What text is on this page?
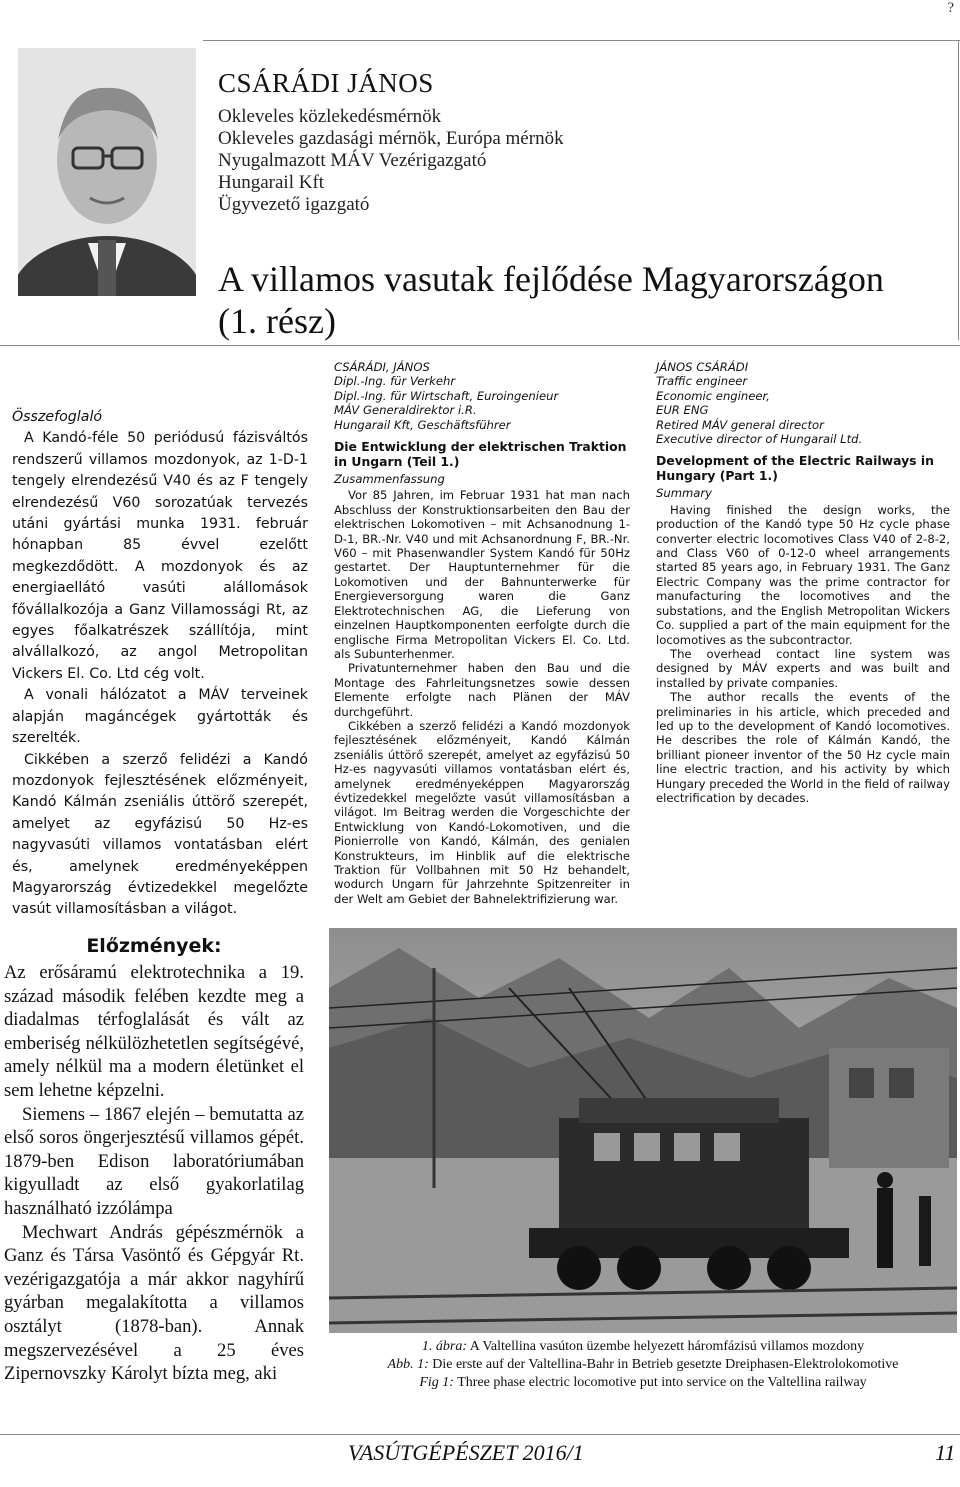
?
CSÁRÁDI JÁNOS
Okleveles közlekedésmérnök
Okleveles gazdasági mérnök, Európa mérnök
Nyugalmazott MÁV Vezérigazgató
Hungarail Kft
Ügyvezető igazgató
A villamos vasutak fejlődése Magyarországon
(1. rész)

Összefoglaló

A Kandó-féle 50 periódusú fázisváltós rendszerű villamos mozdonyok, az 1-D-1 tengely elrendezésű V40 és az F tengely elrendezésű V60 sorozatúak tervezés utáni gyártási munka 1931. február hónapban 85 évvel ezelőtt megkezdődött. A mozdonyok és az energiaellátó vasúti alállomások fővállalkozója a Ganz Villamossági Rt, az egyes főalkatrészek szállítója, mint alvállalkozó, az angol Metropolitan Vickers El. Co. Ltd cég volt.

A vonali hálózatot a MÁV terveinek alapján magáncégek gyártották és szerelték.

Cikkében a szerző felidézi a Kandó mozdonyok fejlesztésének előzményeit, Kandó Kálmán zseniális úttörő szerepét, amelyet az egyfázisú 50 Hz-es nagyvasúti villamos vontatásban elért és, amelynek eredményeképpen Magyarország évtizedekkel megelőzte vasút villamosításban a világot.

CSÁRÁDI, JÁNOS

Dipl.-Ing. für Verkehr

Dipl.-Ing. für Wirtschaft, Euroingenieur

MÁV Generaldirektor i.R.

Hungarail Kft, Geschäftsführer

Die Entwicklung der elektrischen Traktion in Ungarn (Teil 1.)

Zusammenfassung

Vor 85 Jahren, im Februar 1931 hat man nach Abschluss der Konstruktionsarbeiten den Bau der elektrischen Lokomotiven – mit Achsanodnung 1-D-1, BR.-Nr. V40 und mit Achsanordnung F, BR.-Nr. V60 – mit Phasenwandler System Kandó für 50Hz gestartet. Der Hauptunternehmer für die Lokomotiven und der Bahnunterwerke für Energieversorgung waren die Ganz Elektrotechnischen AG, die Lieferung von einzelnen Hauptkomponenten eerfolgte durch die englische Firma Metropolitan Vickers El. Co. Ltd. als Subunterhenmer.

Privatunternehmer haben den Bau und die Montage des Fahrleitungsnetzes sowie dessen Elemente erfolgte nach Plänen der MÁV durchgeführt.

Cikkében a szerző felidézi a Kandó mozdonyok fejlesztésének előzményeit, Kandó Kálmán zseniális úttörő szerepét, amelyet az egyfázisú 50 Hz-es nagyvasúti villamos vontatásban elért és, amelynek eredményeképpen Magyarország évtizedekkel megelőzte vasút villamosításban a világot. Im Beitrag werden die Vorgeschichte der Entwicklung von Kandó-Lokomotiven, und die Pionierrolle von Kandó, Kálmán, des genialen Konstrukteurs, im Hinblik auf die elektrische Traktion für Vollbahnen mit 50 Hz behandelt, wodurch Ungarn für Jahrzehnte Spitzenreiter in der Welt am Gebiet der Bahnelektrifizierung war.

JÁNOS CSÁRÁDI

Traffic engineer

Economic engineer,

EUR ENG

Retired MÁV general director

Executive director of Hungarail Ltd.

Development of the Electric Railways in Hungary (Part 1.)

Summary

Having finished the design works, the production of the Kandó type 50 Hz cycle phase converter electric locomotives Class V40 of 2-8-2, and Class V60 of 0-12-0 wheel arrangements started 85 years ago, in February 1931. The Ganz Electric Company was the prime contractor for manufacturing the locomotives and the substations, and the English Metropolitan Wickers Co. supplied a part of the main equipment for the locomotives as the subcontractor.

The overhead contact line system was designed by MÁV experts and was built and installed by private companies.

The author recalls the events of the preliminaries in his article, which preceded and led up to the development of Kandó locomotives. He describes the role of Kálmán Kandó, the brilliant pioneer inventor of the 50 Hz cycle main line electric traction, and his activity by which Hungary preceded the World in the field of railway electrification by decades.

Előzmények:

Az erősáramú elektrotechnika a 19. század második felében kezdte meg a diadalmas térfoglalását és vált az emberiség nélkülözhetetlen segítségévé, amely nélkül ma a modern életünket el sem lehetne képzelni.

Siemens – 1867 elején – bemutatta az első soros öngerjesztésű villamos gépét. 1879-ben Edison laboratóriumában kigyulladt az első gyakorlatilag használható izzólámpa

Mechwart András gépészmérnök a Ganz és Társa Vasöntő és Gépgyár Rt. vezérigazgatója a már akkor nagyhírű gyárban megalakította a villamos osztályt (1878-ban). Annak megszervezésével a 25 éves Zipernovszky Károlyt bízta meg, aki

1. ábra: A Valtellina vasúton üzembe helyezett háromfázisú villamos mozdony
Abb. 1: Die erste auf der Valtellina-Bahr in Betrieb gesetzte Dreiphasen-Elektrolokomotive
Fig 1: Three phase electric locomotive put into service on the Valtellina railway
VASÚTGÉPÉSZET 2016/1	11
